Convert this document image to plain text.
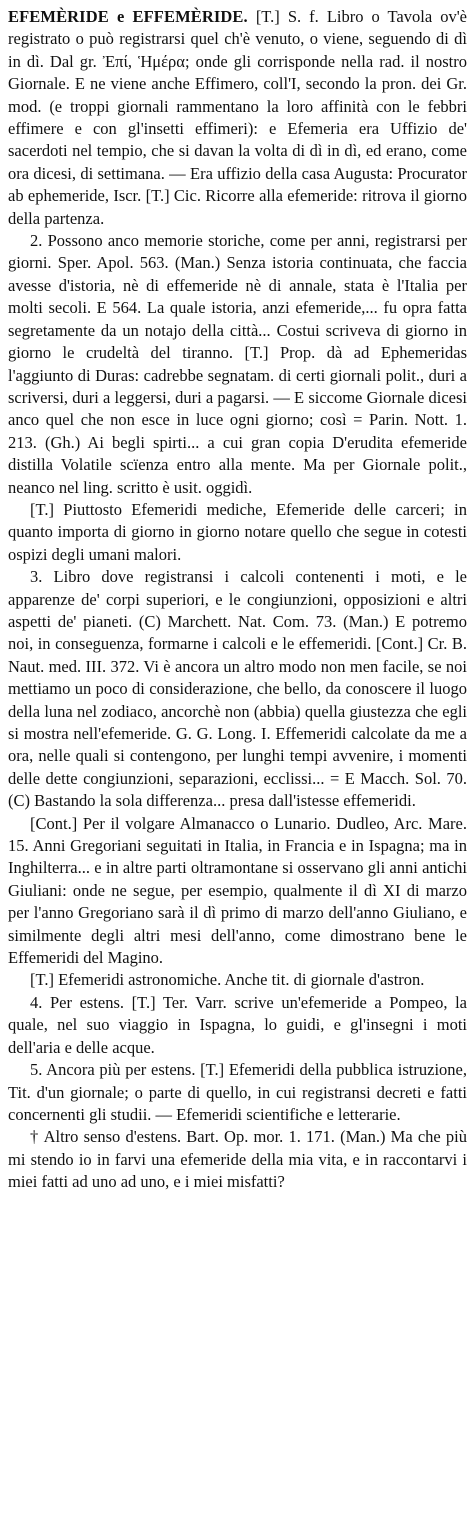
EFEMÈRIDE e EFFEMÈRIDE. [T.] S. f. Libro o Tavola ov'è registrato o può registrarsi quel ch'è venuto, o viene, seguendo di dì in dì. Dal gr. Ἐπί, Ἡμέρα; onde gli corrisponde nella rad. il nostro Giornale. E ne viene anche Effimero, coll'I, secondo la pron. dei Gr. mod. (e troppi giornali rammentano la loro affinità con le febbri effimere e con gl'insetti effimeri): e Efemeria era Uffizio de' sacerdoti nel tempio, che si davan la volta di dì in dì, ed erano, come ora dicesi, di settimana. — Era uffizio della casa Augusta: Procurator ab ephemeride, Iscr. [T.] Cic. Ricorre alla efemeride: ritrova il giorno della partenza.
2. Possono anco memorie storiche, come per anni, registrarsi per giorni. Sper. Apol. 563. (Man.) Senza istoria continuata, che faccia avesse d'istoria, nè di effemeride nè di annale, stata è l'Italia per molti secoli. E 564. La quale istoria, anzi efemeride,... fu opra fatta segretamente da un notajo della città... Costui scriveva di giorno in giorno le crudeltà del tiranno. [T.] Prop. dà ad Ephemeridas l'aggiunto di Duras: cadrebbe segnatam. di certi giornali polit., duri a scriversi, duri a leggersi, duri a pagarsi. — E siccome Giornale dicesi anco quel che non esce in luce ogni giorno; così = Parin. Nott. 1. 213. (Gh.) Ai begli spirti... a cui gran copia D'erudita efemeride distilla Volatile scïenza entro alla mente. Ma per Giornale polit., neanco nel ling. scritto è usit. oggidì.
[T.] Piuttosto Efemeridi mediche, Efemeride delle carceri; in quanto importa di giorno in giorno notare quello che segue in cotesti ospizi degli umani malori.
3. Libro dove registransi i calcoli contenenti i moti, e le apparenze de' corpi superiori, e le congiunzioni, opposizioni e altri aspetti de' pianeti. (C) Marchett. Nat. Com. 73. (Man.) E potremo noi, in conseguenza, formarne i calcoli e le effemeridi. [Cont.] Cr. B. Naut. med. III. 372. Vi è ancora un altro modo non men facile, se noi mettiamo un poco di considerazione, che bello, da conoscere il luogo della luna nel zodiaco, ancorchè non (abbia) quella giustezza che egli si mostra nell'efemeride. G. G. Long. I. Effemeridi calcolate da me a ora, nelle quali si contengono, per lunghi tempi avvenire, i momenti delle dette congiunzioni, separazioni, ecclissi... = E Macch. Sol. 70. (C) Bastando la sola differenza... presa dall'istesse effemeridi.
[Cont.] Per il volgare Almanacco o Lunario. Dudleo, Arc. Mare. 15. Anni Gregoriani seguitati in Italia, in Francia e in Ispagna; ma in Inghilterra... e in altre parti oltramontane si osservano gli anni antichi Giuliani: onde ne segue, per esempio, qualmente il dì XI di marzo per l'anno Gregoriano sarà il dì primo di marzo dell'anno Giuliano, e similmente degli altri mesi dell'anno, come dimostrano bene le Effemeridi del Magino.
[T.] Efemeridi astronomiche. Anche tit. di giornale d'astron.
4. Per estens. [T.] Ter. Varr. scrive un'efemeride a Pompeo, la quale, nel suo viaggio in Ispagna, lo guidi, e gl'insegni i moti dell'aria e delle acque.
5. Ancora più per estens. [T.] Efemeridi della pubblica istruzione, Tit. d'un giornale; o parte di quello, in cui registransi decreti e fatti concernenti gli studii. — Efemeridi scientifiche e letterarie.
† Altro senso d'estens. Bart. Op. mor. 1. 171. (Man.) Ma che più mi stendo io in farvi una efemeride della mia vita, e in raccontarvi i miei fatti ad uno ad uno, e i miei misfatti?
